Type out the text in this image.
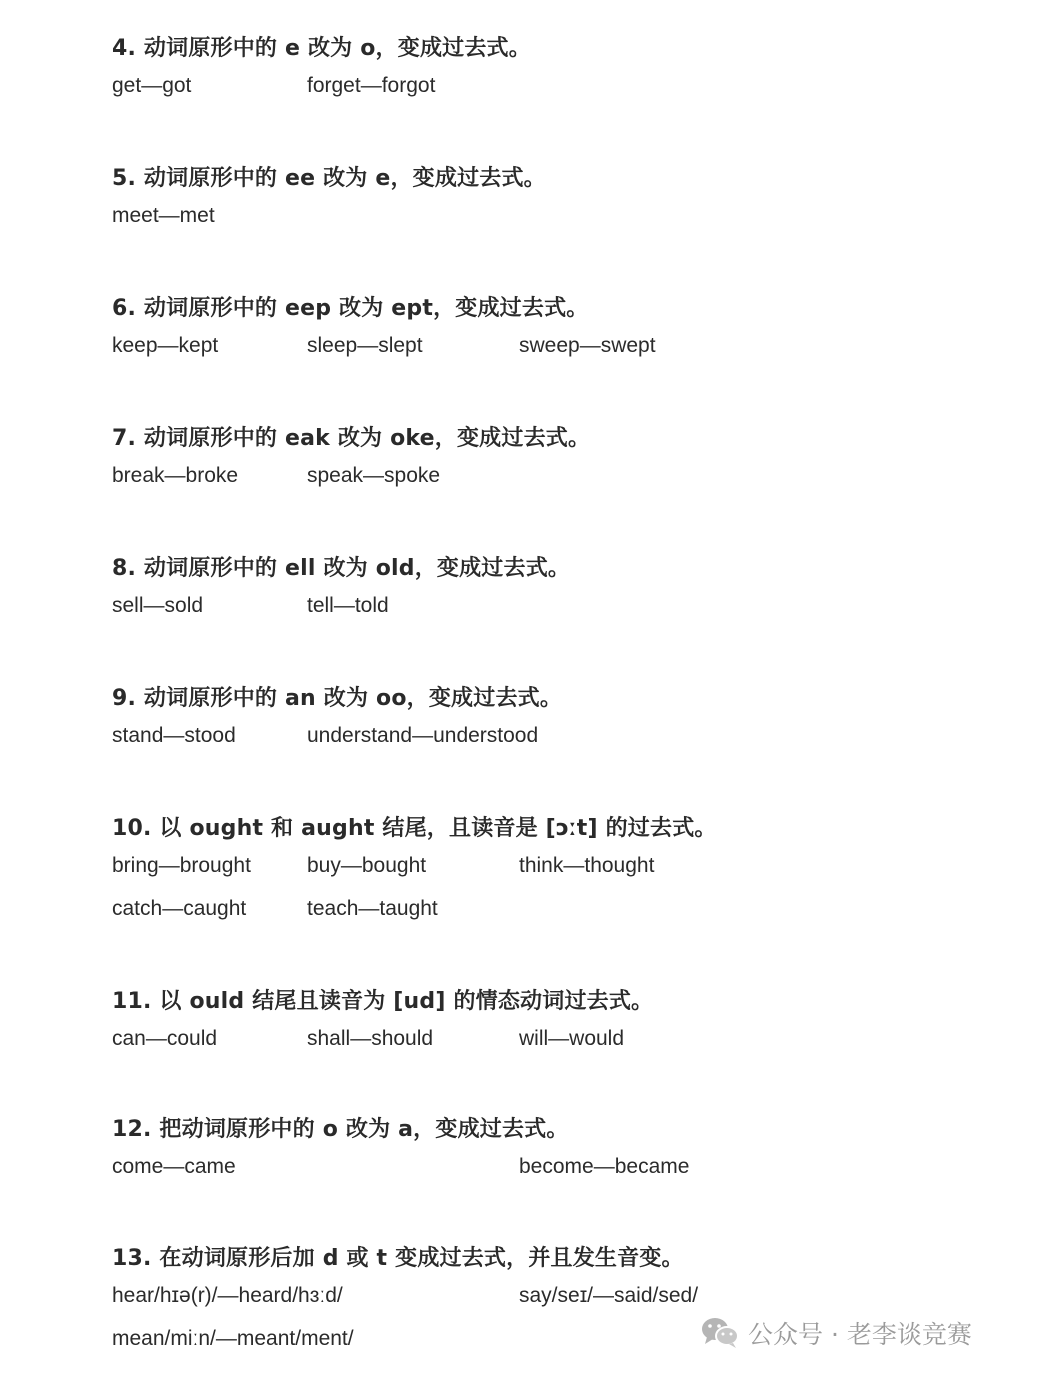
4. 动词原形中的 e 改为 o，变成过去式。
get—got	forget—forgot
5. 动词原形中的 ee 改为 e，变成过去式。
meet—met
6. 动词原形中的 eep 改为 ept，变成过去式。
keep—kept	sleep—slept	sweep—swept
7. 动词原形中的 eak 改为 oke，变成过去式。
break—broke	speak—spoke
8. 动词原形中的 ell 改为 old，变成过去式。
sell—sold	tell—told
9. 动词原形中的 an 改为 oo，变成过去式。
stand—stood	understand—understood
10. 以 ought 和 aught 结尾，且读音是 [ɔːt] 的过去式。
bring—brought	buy—bought	think—thought
catch—caught	teach—taught
11. 以 ould 结尾且读音为 [ud] 的情态动词过去式。
can—could	shall—should	will—would
12. 把动词原形中的 o 改为 a，变成过去式。
come—came	become—became
13. 在动词原形后加 d 或 t 变成过去式，并且发生音变。
hear/hɪə(r)/—heard/hɜːd/	say/seɪ/—said/sed/
mean/miːn/—meant/ment/	公众号 · 老李谈竞赛
